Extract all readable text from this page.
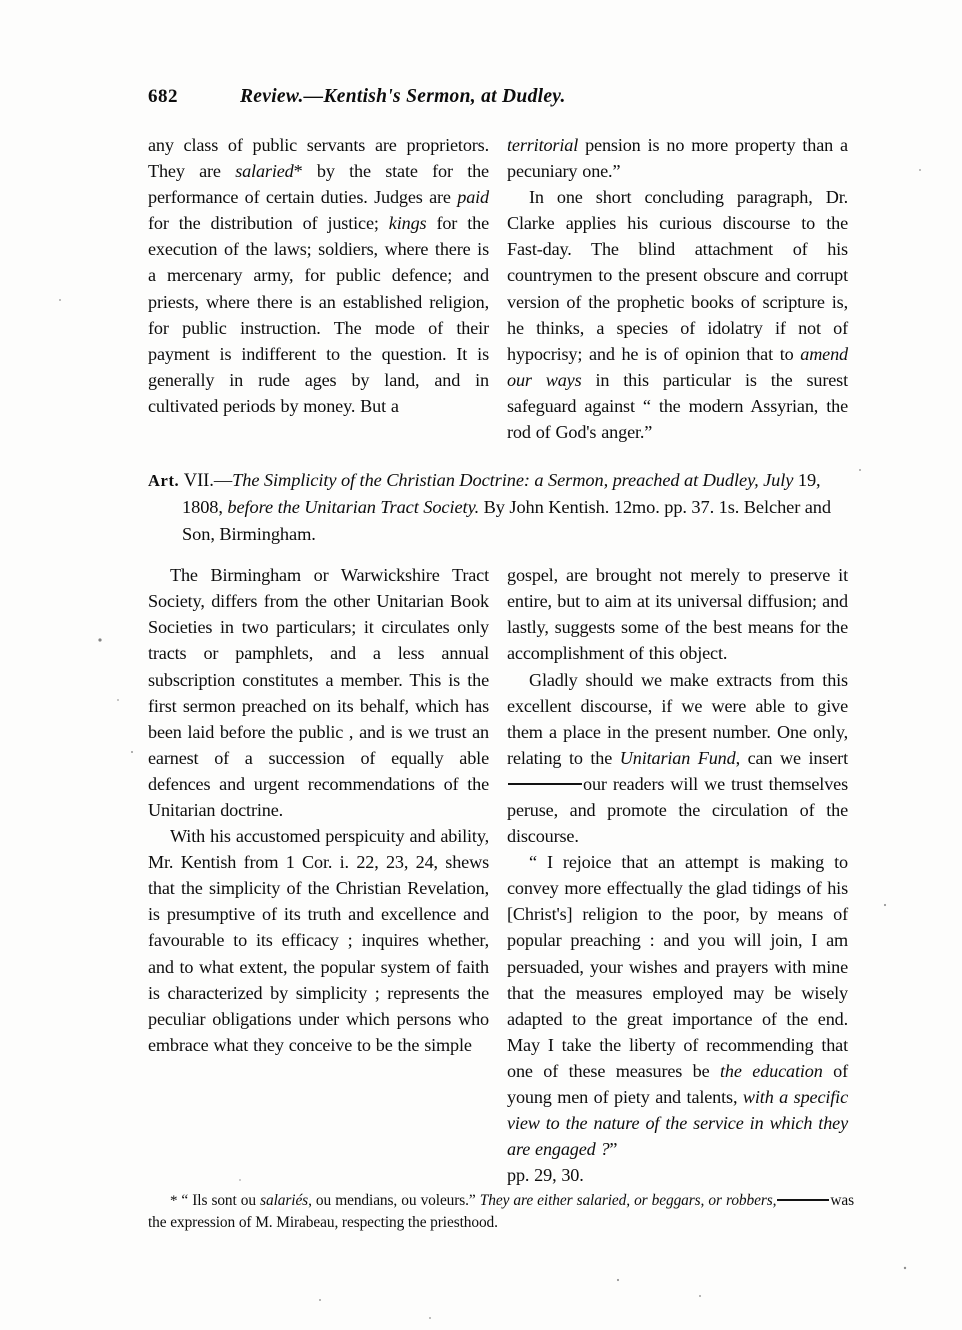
682	Review.—Kentish's Sermon, at Dudley.

any class of public servants are proprietors. They are salaried* by the state for the performance of certain duties. Judges are paid for the distribution of justice; kings for the execution of the laws; soldiers, where there is a mercenary army, for public defence; and priests, where there is an established religion, for public instruction. The mode of their payment is indifferent to the question. It is generally in rude ages by land, and in cultivated periods by money. But a

territorial pension is no more property than a pecuniary one.”

In one short concluding paragraph, Dr. Clarke applies his curious discourse to the Fast-day. The blind attachment of his countrymen to the present obscure and corrupt version of the prophetic books of scripture is, he thinks, a species of idolatry if not of hypocrisy; and he is of opinion that to amend our ways in this particular is the surest safeguard against “ the modern Assyrian, the rod of God's anger.”

Art. VII.—The Simplicity of the Christian Doctrine: a Sermon, preached at Dudley, July 19, 1808, before the Unitarian Tract Society. By John Kentish. 12mo. pp. 37. 1s. Belcher and Son, Birmingham.

The Birmingham or Warwickshire Tract Society, differs from the other Unitarian Book Societies in two particulars; it circulates only tracts or pamphlets, and a less annual subscription constitutes a member. This is the first sermon preached on its behalf, which has been laid before the public , and is we trust an earnest of a succession of equally able defences and urgent recommendations of the Unitarian doctrine.

With his accustomed perspicuity and ability, Mr. Kentish from 1 Cor. i. 22, 23, 24, shews that the simplicity of the Christian Revelation, is presumptive of its truth and excellence and favourable to its efficacy ; inquires whether, and to what extent, the popular system of faith is characterized by simplicity ; represents the peculiar obligations under which persons who embrace what they conceive to be the simple

gospel, are brought not merely to preserve it entire, but to aim at its universal diffusion; and lastly, suggests some of the best means for the accomplishment of this object.

Gladly should we make extracts from this excellent discourse, if we were able to give them a place in the present number. One only, relating to the Unitarian Fund, can we insertour readers will we trust themselves peruse, and promote the circulation of the discourse.

“ I rejoice that an attempt is making to convey more effectually the glad tidings of his [Christ's] religion to the poor, by means of popular preaching : and you will join, I am persuaded, your wishes and prayers with mine that the measures employed may be wisely adapted to the great importance of the end. May I take the liberty of recommending that one of these measures be the education of young men of piety and talents, with a specific view to the nature of the service in which they are engaged ?”

pp. 29, 30.

* “ Ils sont ou salariés, ou mendians, ou voleurs.” They are either salaried, or beggars, or robbers,	was the expression of M. Mirabeau, respecting the priesthood.
